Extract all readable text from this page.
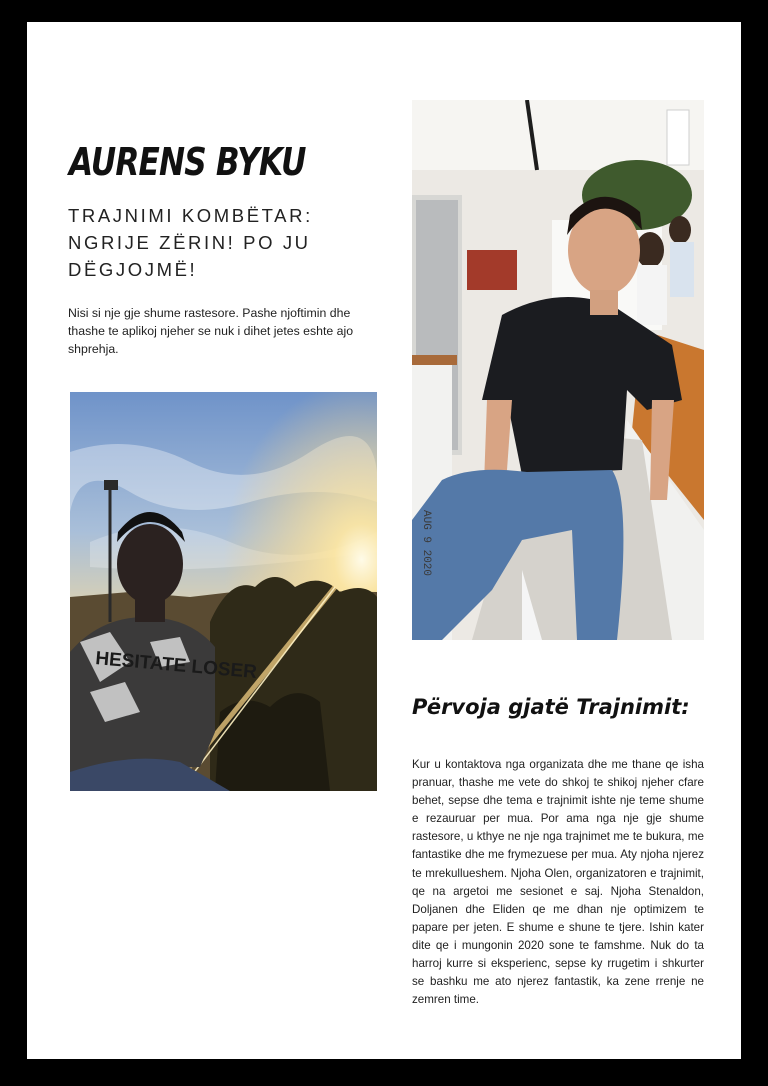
AURENS BYKU
TRAJNIMI KOMBËTAR: NGRIJE ZËRIN! PO JU DËGJOJMË!

Nisi si nje gje shume rastesore. Pashe njoftimin dhe thashe te aplikoj njeher se nuk i dihet jetes eshte ajo shprehja.

HESITATE LOSER
AUG 9 2020
Përvoja gjatë Trajnimit:

Kur u kontaktova nga organizata dhe me thane qe isha pranuar, thashe me vete do shkoj te shikoj njeher cfare behet, sepse dhe tema e trajnimit ishte nje teme shume e rezauruar per mua. Por ama nga nje gje shume rastesore, u kthye ne nje nga trajnimet me te bukura, me fantastike dhe me frymezuese per mua. Aty njoha njerez te mrekullueshem. Njoha Olen, organizatoren e trajnimit, qe na argetoi me sesionet e saj. Njoha Stenaldon, Doljanen dhe Eliden qe me dhan nje optimizem te papare per jeten. E shume e shune te tjere. Ishin kater dite qe i mungonin 2020 sone te famshme. Nuk do ta harroj kurre si eksperienc, sepse ky rrugetim i shkurter se bashku me ato njerez fantastik, ka zene rrenje ne zemren time.
